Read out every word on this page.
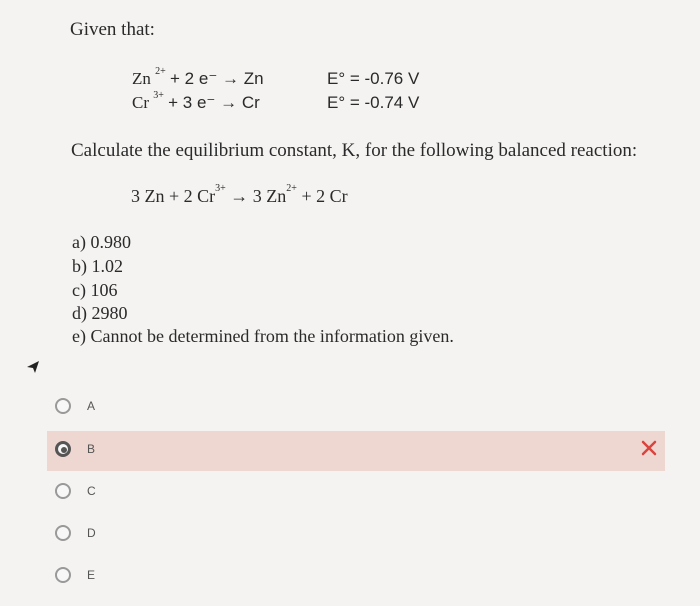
Given that:
Zn $^{2+}$ + 2 e⁻ → Zn	E° = -0.76 V
Cr $^{3+}$ + 3 e⁻ → Cr	E° = -0.74 V
Calculate the equilibrium constant, K, for the following balanced reaction:
3 Zn + 2 $Cr^{3+} \to 3$ $Zn^{2+} + 2$ Cr
a) 0.980
b) 1.02
c) 106
d) 2980
e) Cannot be determined from the information given.
A
B
C
D
E
